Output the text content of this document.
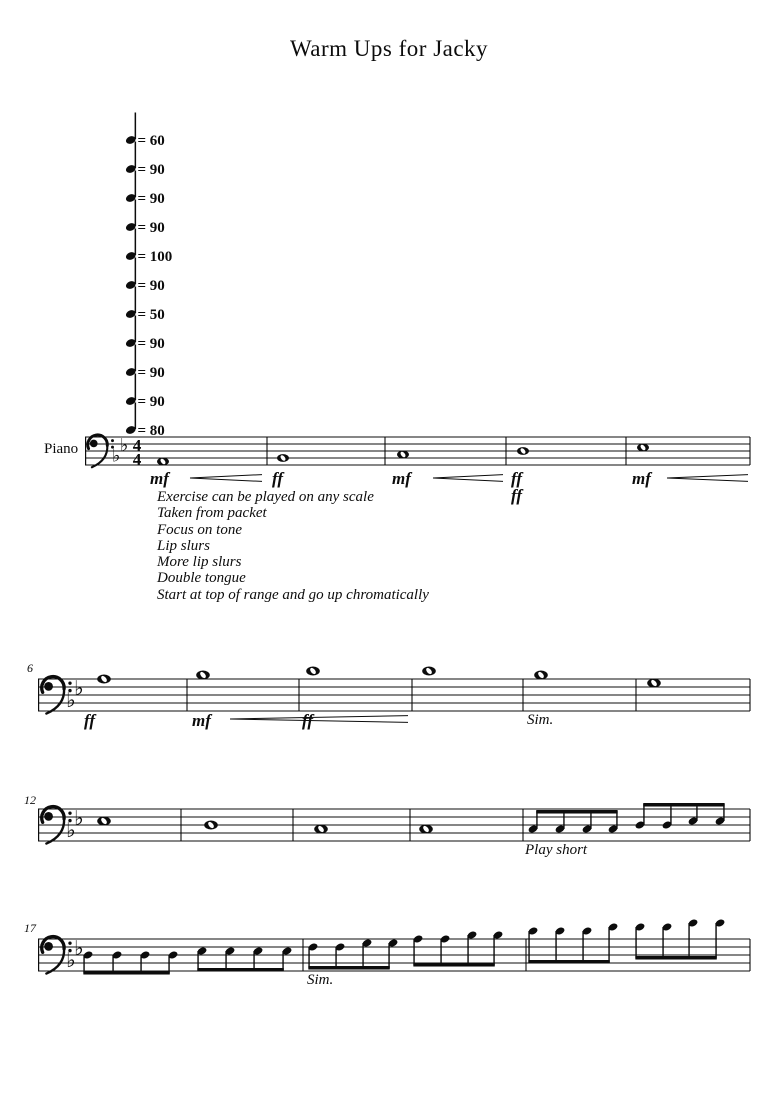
Warm Ups for Jacky
Piano
= 60
= 90
= 90
= 90
= 100
= 90
= 50
= 90
= 90
= 90
= 80
♭ ♭ 4
4
mf	ff	mf	ff
ff
mf
♭
♭
6
ff	mf	Sim.
♭
♭
12
Play short
♭
♭
17
Sim.
Exercise can be played on any scale
Taken from packet
Focus on tone
Lip slurs
More lip slurs
Double tongue
Start at top of range and go up chromatically
